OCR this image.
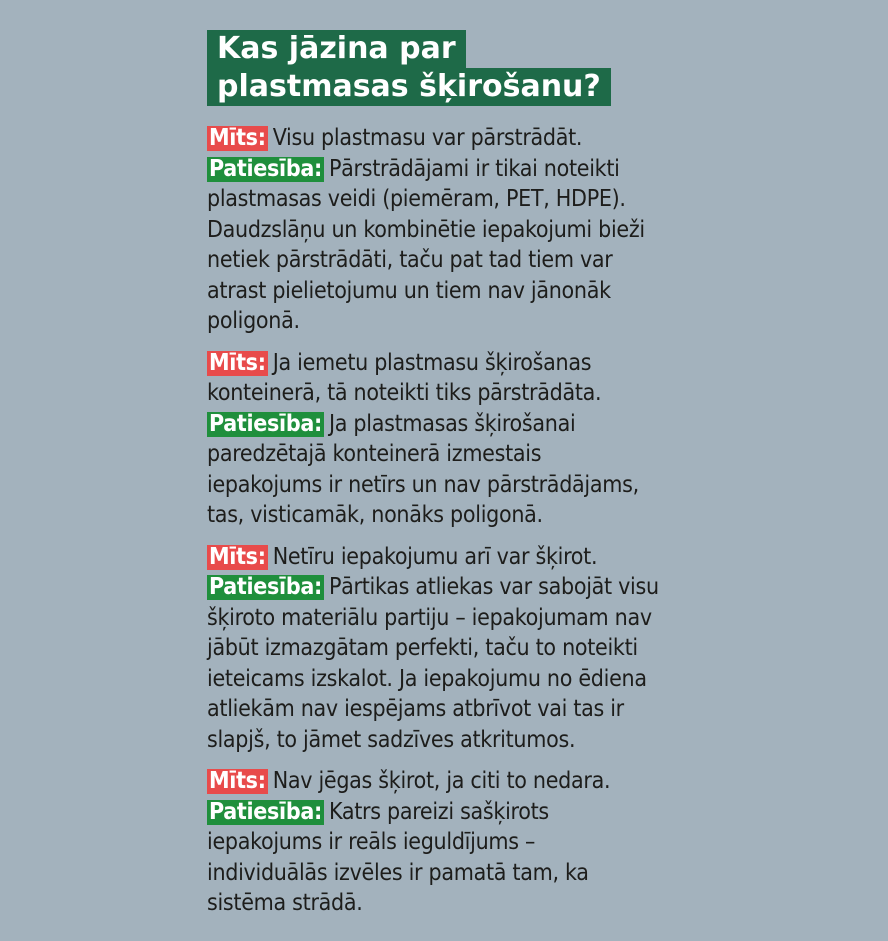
Kas jāzina par
plastmasas šķirošanu?
Mīts: Visu plastmasu var pārstrādāt.
Patiesība: Pārstrādājami ir tikai noteikti
plastmasas veidi (piemēram, PET, HDPE).
Daudzslāņu un kombinētie iepakojumi bieži
netiek pārstrādāti, taču pat tad tiem var
atrast pielietojumu un tiem nav jānonāk
poligonā.
Mīts: Ja iemetu plastmasu šķirošanas
konteinerā, tā noteikti tiks pārstrādāta.
Patiesība: Ja plastmasas šķirošanai
paredzētajā konteinerā izmestais
iepakojums ir netīrs un nav pārstrādājams,
tas, visticamāk, nonāks poligonā.
Mīts: Netīru iepakojumu arī var šķirot.
Patiesība: Pārtikas atliekas var sabojāt visu
šķiroto materiālu partiju – iepakojumam nav
jābūt izmazgātam perfekti, taču to noteikti
ieteicams izskalot. Ja iepakojumu no ēdiena
atliekām nav iespējams atbrīvot vai tas ir
slapjš, to jāmet sadzīves atkritumos.
Mīts: Nav jēgas šķirot, ja citi to nedara.
Patiesība: Katrs pareizi sašķirots
iepakojums ir reāls ieguldījums –
individuālās izvēles ir pamatā tam, ka
sistēma strādā.
